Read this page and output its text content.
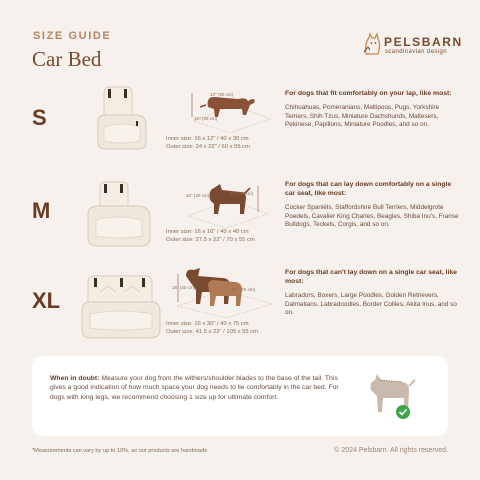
SIZE GUIDE
Car Bed
PELSBARN
scandinavian design
S
12" (30 cm)
16" (40 cm)
Inner size: 16 x 12" / 40 x 30 cm
Outer size: 24 x 22" / 60 x 55 cm
For dogs that fit comfortably on your lap, like most:
Chihuahuas, Pomeranians, Maltipoos, Pugs, Yorkshire Terriers, Shih Tzus, Miniature Dachshunds, Maltesers, Pekinese, Papillons, Miniature Poodles, and so on.
M
16" (40 cm)
16" (40 cm)
Inner size: 16 x 16" / 40 x 40 cm
Outer size: 27.5 x 22" / 70 x 55 cm
For dogs that can lay down comfortably on a single car seat, like most:
Cocker Spaniëls, Staffordshire Bull Terriers, Middelgrote Poedels, Cavalier King Charles, Beagles, Shiba Inu's, Franse Bulldogs, Teckels, Corgis, and so on.
XL	30" (75 cm)
16" (40 cm)
Inner size: 16 x 30" / 40 x 75 cm
Outer size: 41.5 x 22" / 105 x 55 cm
For dogs that can't lay down on a single car seat, like most:
Labradors, Boxers, Large Poodles, Golden Retrievers, Dalmatians, Labradoodles, Border Collies, Akita Inus, and so on.
When in doubt: Measure your dog from the withers/shoulder blades to the base of the tail. This gives a good indication of how much space your dog needs to lie comfortably in the car bed. For dogs with long legs, we recommend choosing 1 size up for ultimate comfort.
*Measurements can vary by up to 10%, as our products are handmade	© 2024 Pelsbarn. All rights reserved.
